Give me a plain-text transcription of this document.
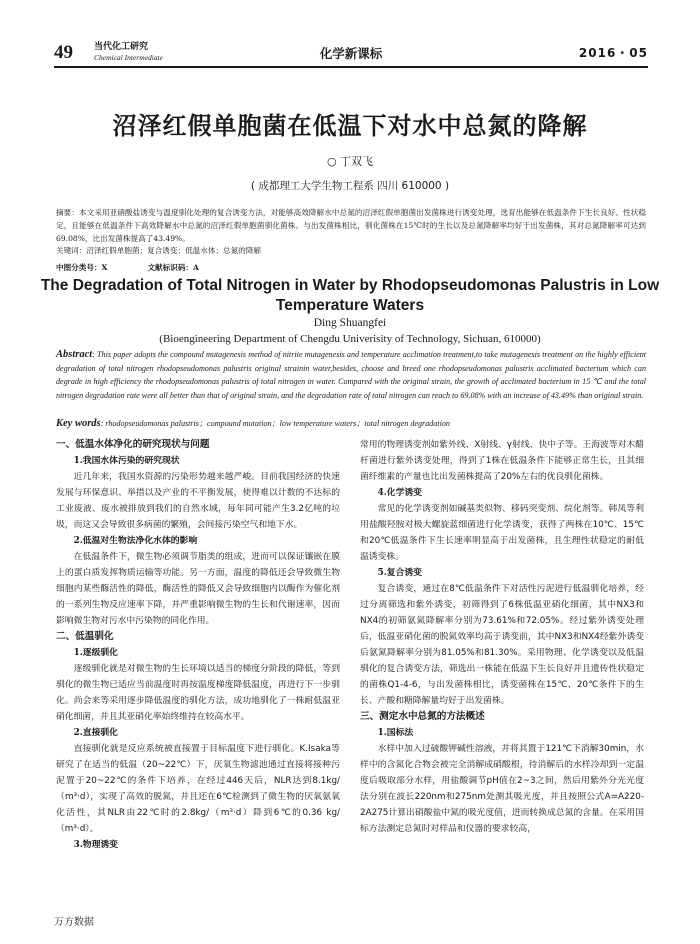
49 当代化工研究
Chemical Intermediate	化学新课标	2016・05
沼泽红假单胞菌在低温下对水中总氮的降解
○ 丁双飞
( 成都理工大学生物工程系 四川 610000 )
摘要：本文采用亚硝酸盐诱变与温度驯化处理的复合诱变方法，对能够高效降解水中总氮的沼泽红假单胞菌出发菌株进行诱变处理，选育出能够在低温条件下生长良好、性状稳定，且能够在低温条件下高效降解水中总氮的沼泽红假单胞菌驯化菌株。与出发菌株相比，驯化菌株在15℃时的生长以及总氮降解率均好于出发菌株，其对总氮降解率可达到69.08%，比出发菌株提高了43.49%。
关键词：沼泽红假单胞菌；复合诱变；低温水体；总氮的降解
中图分类号：X	文献标识码：A
The Degradation of Total Nitrogen in Water by Rhodopseudomonas Palustris in Low Temperature Waters
Ding Shuangfei
(Bioengineering Department of Chengdu Univerisity of Technology, Sichuan, 610000)
Abstract: This paper adopts the compound mutagenesis method of nitrite mutagenesis and temperature acclimation treatment,to take mutagenesis treatment on the highly efficient degradation of total nitrogen rhodopseudomonas palustris original strainin water,besides, choose and breed one rhodopseudomonas palustris acclimated bacterium which can degrade in high efficiency the rhodopseudomonas palustris of total nitrogen in water. Compared with the original strain, the growth of acclimated bacterium in 15 ℃ and the total nitrogen degradation rate were all better than that of original strain, and the degradation rate of total nitrogen can reach to 69.08% with an increase of 43.49% than original strain.
Key words: rhodopseudomonas palustris；compound mutation；low temperature waters；total nitrogen degradation
一、低温水体净化的研究现状与问题
1.我国水体污染的研究现状

近几年来，我国水资源的污染形势越来越严峻。目前我国经济的快速发展与环保意识、举措以及产业的不平衡发展，使得难以计数的不达标的工业废液、废水被排放到我们的自然水域，每年同可能产生3.2亿吨的垃圾，而这又会导致很多病菌的繁殖，会间接污染空气和地下水。

2.低温对生物法净化水体的影响

在低温条件下，微生物必须调节脂类的组成，进而可以保证镶嵌在膜上的蛋白质发挥物质运输等功能。另一方面，温度的降低还会导致微生物细胞内某些酶活性的降低，酶活性的降低又会导致细胞内以酶作为催化剂的一系列生物反应速率下降，并严重影响微生物的生长和代谢速率，因而影响微生物对污水中污染物的同化作用。

二、低温驯化
1.逐级驯化

逐级驯化就是对微生物的生长环境以适当的梯度分阶段的降低，等到驯化的微生物已适应当前温度时再按温度梯度降低温度，再进行下一步驯化。尚会来等采用逐步降低温度的驯化方法，成功地驯化了一株耐低温亚硝化细菌，并且其亚硝化率始终维持在较高水平。

2.直接驯化

直接驯化就是反应系统被直接置于目标温度下进行驯化。K.Isaka等研究了在适当的低温（20~22℃）下，厌氧生物滤池通过直接将接种污泥置于20~22℃的条件下培养，在经过446天后，NLR达到8.1kg/（m³·d），实现了高效的脱氮，并且还在6℃检测到了微生物的厌氧氨氧化活性，其NLR由22℃时的2.8kg/（m³·d）降到6℃的0.36 kg/（m³·d）。

3.物理诱变

常用的物理诱变剂如紫外线、X射线、γ射线、快中子等。王海波等对木醋杆菌进行紫外诱变处理，得到了1株在低温条件下能够正常生长，且其细菌纤维素的产量也比出发菌株提高了20%左右的优良驯化菌株。

4.化学诱变

常见的化学诱变剂如碱基类似物、移码突变剂、烷化剂等。韩凤等利用盐酸羟胺对极大螺旋蓝细菌进行化学诱变，获得了两株在10℃、15℃和20℃低温条件下生长速率明显高于出发菌株，且生理性状稳定的耐低温诱变株。

5.复合诱变

复合诱变，通过在8℃低温条件下对活性污泥进行低温驯化培养，经过分离筛选和紫外诱变，初筛得到了6株低温亚硝化细菌，其中NX3和NX4的初筛氨氮降解率分别为73.61%和72.05%。经过紫外诱变处理后，低温亚硝化菌的脱氮效率均高于诱变前，其中NX3和NX4经紫外诱变后氨氮降解率分别为81.05%和81.30%。采用物理、化学诱变以及低温驯化的复合诱变方法，筛选出一株能在低温下生长良好并且遗传性状稳定的菌株Q1-4-6，与出发菌株相比，诱变菌株在15℃、20℃条件下的生长、产酸和糖降解量均好于出发菌株。

三、测定水中总氮的方法概述
1.国标法

水样中加入过硫酸钾碱性溶液，并将其置于121℃下消解30min，水样中的含氮化合物会被完全消解成硝酸根，待消解后的水样冷却到一定温度后吸取部分水样，用盐酸调节pH值在2~3之间，然后用紫外分光光度法分别在波长220nm和275nm处测其吸光度，并且按照公式A=A220-2A275计算出硝酸盐中氮的吸光度值，进而转换成总氮的含量。在采用国标方法测定总氮时对样品和仪器的要求较高，

万方数据
